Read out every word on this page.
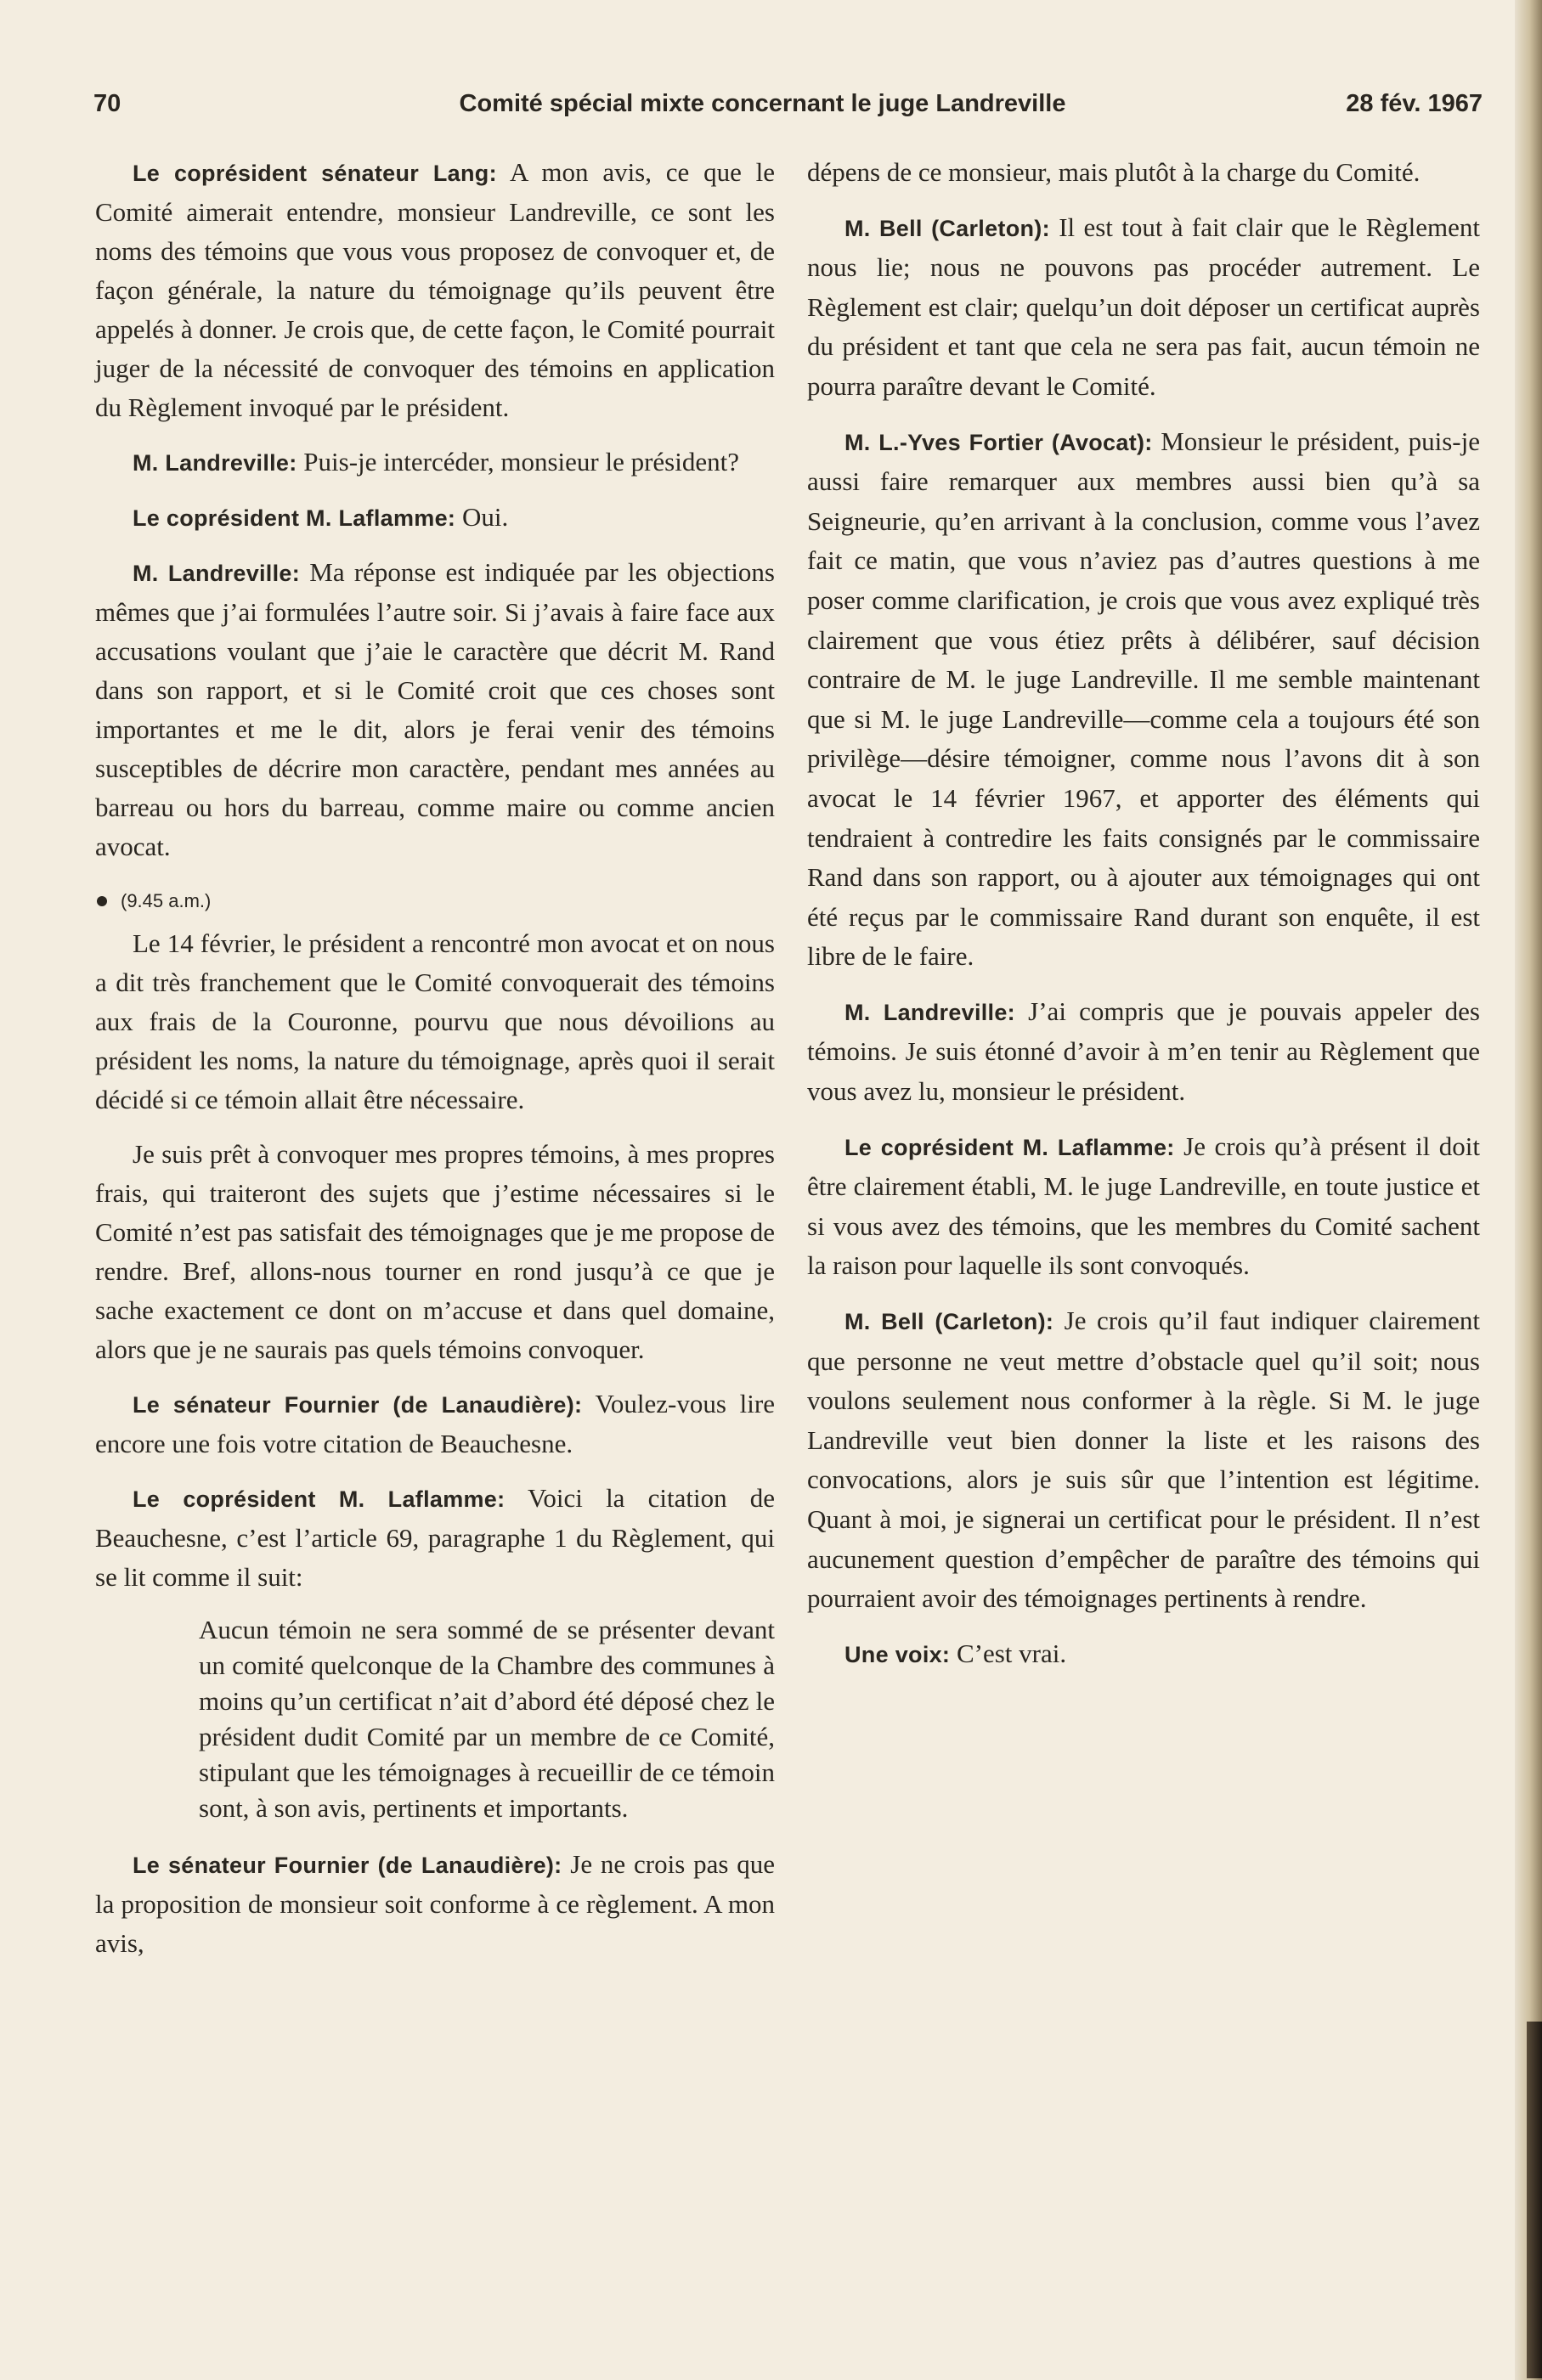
70	Comité spécial mixte concernant le juge Landreville	28 fév. 1967

Le coprésident sénateur Lang: A mon avis, ce que le Comité aimerait entendre, monsieur Landreville, ce sont les noms des témoins que vous vous proposez de convoquer et, de façon générale, la nature du témoignage qu’ils peuvent être appelés à donner. Je crois que, de cette façon, le Comité pourrait juger de la nécessité de convoquer des témoins en application du Règlement invoqué par le président.

M. Landreville: Puis-je intercéder, monsieur le président?

Le coprésident M. Laflamme: Oui.

M. Landreville: Ma réponse est indiquée par les objections mêmes que j’ai formulées l’autre soir. Si j’avais à faire face aux accusations voulant que j’aie le caractère que décrit M. Rand dans son rapport, et si le Comité croit que ces choses sont importantes et me le dit, alors je ferai venir des témoins susceptibles de décrire mon caractère, pendant mes années au barreau ou hors du barreau, comme maire ou comme ancien avocat.

(9.45 a.m.)

Le 14 février, le président a rencontré mon avocat et on nous a dit très franchement que le Comité convoquerait des témoins aux frais de la Couronne, pourvu que nous dévoilions au président les noms, la nature du témoignage, après quoi il serait décidé si ce témoin allait être nécessaire.

Je suis prêt à convoquer mes propres témoins, à mes propres frais, qui traiteront des sujets que j’estime nécessaires si le Comité n’est pas satisfait des témoignages que je me propose de rendre. Bref, allons-nous tourner en rond jusqu’à ce que je sache exactement ce dont on m’accuse et dans quel domaine, alors que je ne saurais pas quels témoins convoquer.

Le sénateur Fournier (de Lanaudière): Voulez-vous lire encore une fois votre citation de Beauchesne.

Le coprésident M. Laflamme: Voici la citation de Beauchesne, c’est l’article 69, paragraphe 1 du Règlement, qui se lit comme il suit:

Aucun témoin ne sera sommé de se présenter devant un comité quelconque de la Chambre des communes à moins qu’un certificat n’ait d’abord été déposé chez le président dudit Comité par un membre de ce Comité, stipulant que les témoignages à recueillir de ce témoin sont, à son avis, pertinents et importants.

Le sénateur Fournier (de Lanaudière): Je ne crois pas que la proposition de monsieur soit conforme à ce règlement. A mon avis,

dépens de ce monsieur, mais plutôt à la charge du Comité.

M. Bell (Carleton): Il est tout à fait clair que le Règlement nous lie; nous ne pouvons pas procéder autrement. Le Règlement est clair; quelqu’un doit déposer un certificat auprès du président et tant que cela ne sera pas fait, aucun témoin ne pourra paraître devant le Comité.

M. L.-Yves Fortier (Avocat): Monsieur le président, puis-je aussi faire remarquer aux membres aussi bien qu’à sa Seigneurie, qu’en arrivant à la conclusion, comme vous l’avez fait ce matin, que vous n’aviez pas d’autres questions à me poser comme clarification, je crois que vous avez expliqué très clairement que vous étiez prêts à délibérer, sauf décision contraire de M. le juge Landreville. Il me semble maintenant que si M. le juge Landreville—comme cela a toujours été son privilège—désire témoigner, comme nous l’avons dit à son avocat le 14 février 1967, et apporter des éléments qui tendraient à contredire les faits consignés par le commissaire Rand dans son rapport, ou à ajouter aux témoignages qui ont été reçus par le commissaire Rand durant son enquête, il est libre de le faire.

M. Landreville: J’ai compris que je pouvais appeler des témoins. Je suis étonné d’avoir à m’en tenir au Règlement que vous avez lu, monsieur le président.

Le coprésident M. Laflamme: Je crois qu’à présent il doit être clairement établi, M. le juge Landreville, en toute justice et si vous avez des témoins, que les membres du Comité sachent la raison pour laquelle ils sont convoqués.

M. Bell (Carleton): Je crois qu’il faut indiquer clairement que personne ne veut mettre d’obstacle quel qu’il soit; nous voulons seulement nous conformer à la règle. Si M. le juge Landreville veut bien donner la liste et les raisons des convocations, alors je suis sûr que l’intention est légitime. Quant à moi, je signerai un certificat pour le président. Il n’est aucunement question d’empêcher de paraître des témoins qui pourraient avoir des témoignages pertinents à rendre.

Une voix: C’est vrai.
